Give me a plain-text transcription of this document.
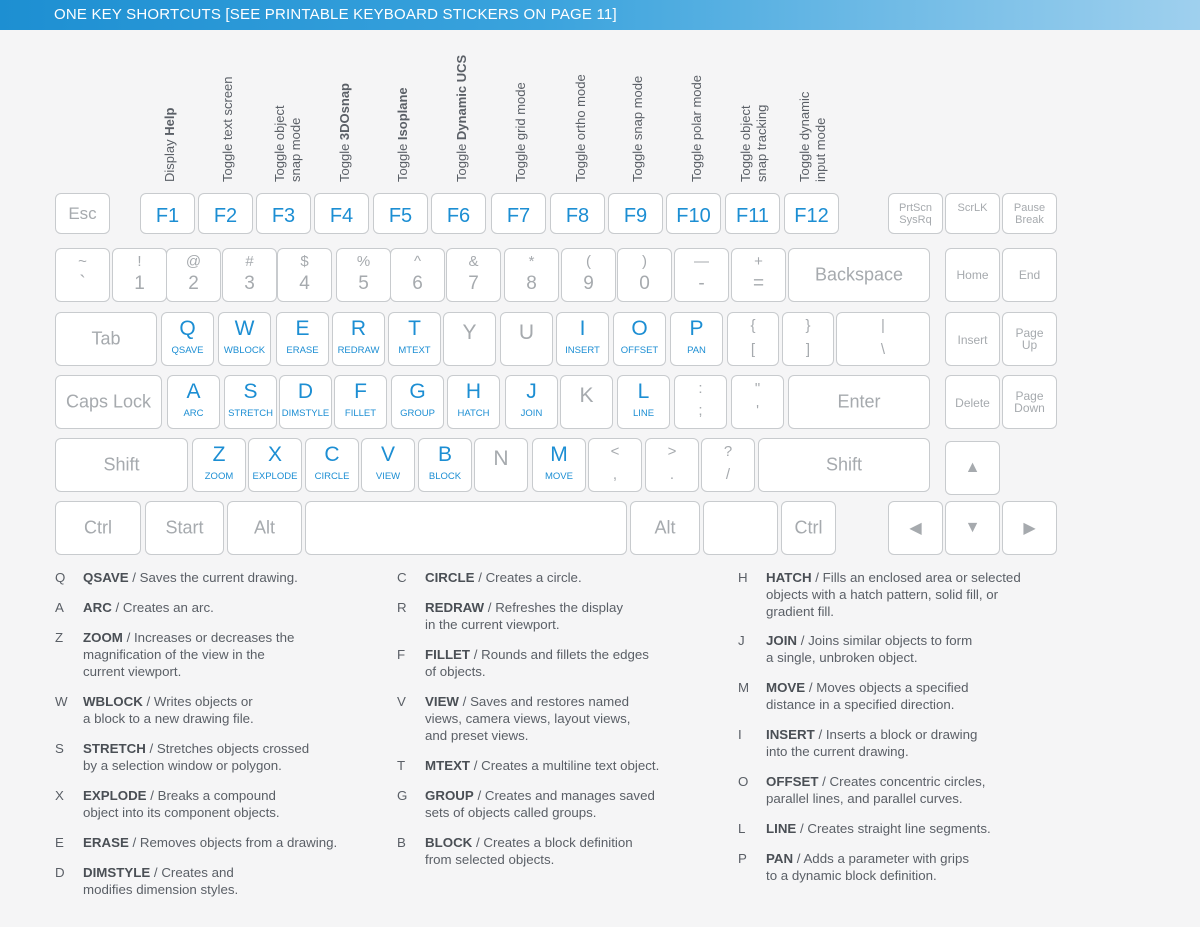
ONE KEY SHORTCUTS [SEE PRINTABLE KEYBOARD STICKERS ON PAGE 11]
Display Help	Toggle text screen	Toggle object snap mode	Toggle 3DOsnap
Toggle Isoplane
Toggle Dynamic UCS	Toggle grid mode	Toggle ortho mode	Toggle snap mode	Toggle polar mode	Toggle object snap tracking Toggle dynamic input mode
Esc	F1	F2	F3	F4	F5	F6	F7	F8	F9	F10	F11	F12	PrtScn
SysRq
ScrLK	Pause
Break
~
`
!
1
@
2
#
3
$
4
%
5
^
6
&
7
*
8
(
9
)
0
—
-
+
=	Backspace	Home	End
Tab	Q
QSAVE
W
WBLOCK
E
ERASE
R
REDRAW
T
MTEXT
Y	U	I
INSERT
O
OFFSET
P
PAN
{
[
}
]
|
\
Insert	Page
Up
Caps Lock	A
ARC
S
STRETCH
D
DIMSTYLE
F
FILLET
G
GROUP
H
HATCH
J
JOIN
K	L
LINE
:
;
"
'	Enter	Delete	Page
Down
Shift	Z
ZOOM
X
EXPLODE
C
CIRCLE
V
VIEW
B
BLOCK
N	M
MOVE
<
,
>
.
?
/	Shift	▲
Ctrl	Start	Alt	Alt	Ctrl	◀	▼	▶
Q QSAVE / Saves the current drawing.
A ARC / Creates an arc.
Z ZOOM / Increases or decreases the
magnification of the view in the
current viewport.
W WBLOCK / Writes objects or
a block to a new drawing file.
S STRETCH / Stretches objects crossed
by a selection window or polygon.
X EXPLODE / Breaks a compound
object into its component objects.
E ERASE / Removes objects from a drawing.
D DIMSTYLE / Creates and
modifies dimension styles.
C CIRCLE / Creates a circle.
R REDRAW / Refreshes the display
in the current viewport.
F FILLET / Rounds and fillets the edges
of objects.
V VIEW / Saves and restores named
views, camera views, layout views,
and preset views.
T MTEXT / Creates a multiline text object.
G GROUP / Creates and manages saved
sets of objects called groups.
B BLOCK / Creates a block definition
from selected objects.
H HATCH / Fills an enclosed area or selected
objects with a hatch pattern, solid fill, or
gradient fill.
J JOIN / Joins similar objects to form
a single, unbroken object.
M MOVE / Moves objects a specified
distance in a specified direction.
I INSERT / Inserts a block or drawing
into the current drawing.
O OFFSET / Creates concentric circles,
parallel lines, and parallel curves.
L LINE / Creates straight line segments.
P PAN / Adds a parameter with grips
to a dynamic block definition.
